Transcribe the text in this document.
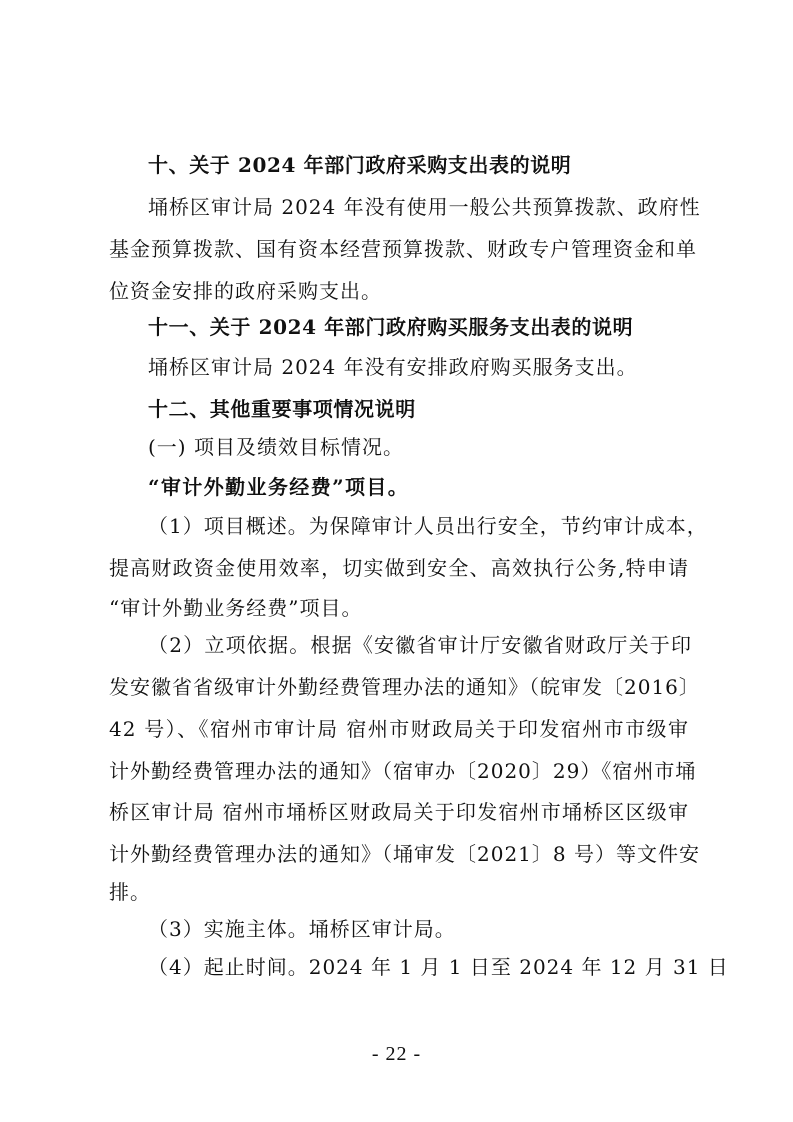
十、关于 2024 年部门政府采购支出表的说明
埇桥区审计局 2024 年没有使用一般公共预算拨款、政府性
基金预算拨款、国有资本经营预算拨款、财政专户管理资金和单
位资金安排的政府采购支出。
十一、关于 2024 年部门政府购买服务支出表的说明
埇桥区审计局 2024 年没有安排政府购买服务支出。
十二、其他重要事项情况说明
(一) 项目及绩效目标情况。
“审计外勤业务经费”项目。
（1）项目概述。为保障审计人员出行安全，节约审计成本，
提高财政资金使用效率，切实做到安全、高效执行公务,特申请
“审计外勤业务经费”项目。
（2）立项依据。根据《安徽省审计厅安徽省财政厅关于印
发安徽省省级审计外勤经费管理办法的通知》（皖审发〔2016〕
42 号）、《宿州市审计局 宿州市财政局关于印发宿州市市级审
计外勤经费管理办法的通知》（宿审办〔2020〕29）《宿州市埇
桥区审计局 宿州市埇桥区财政局关于印发宿州市埇桥区区级审
计外勤经费管理办法的通知》（埇审发〔2021〕8 号）等文件安
排。
（3）实施主体。埇桥区审计局。
（4）起止时间。2024 年 1 月 1 日至 2024 年 12 月 31 日
- 22 -
